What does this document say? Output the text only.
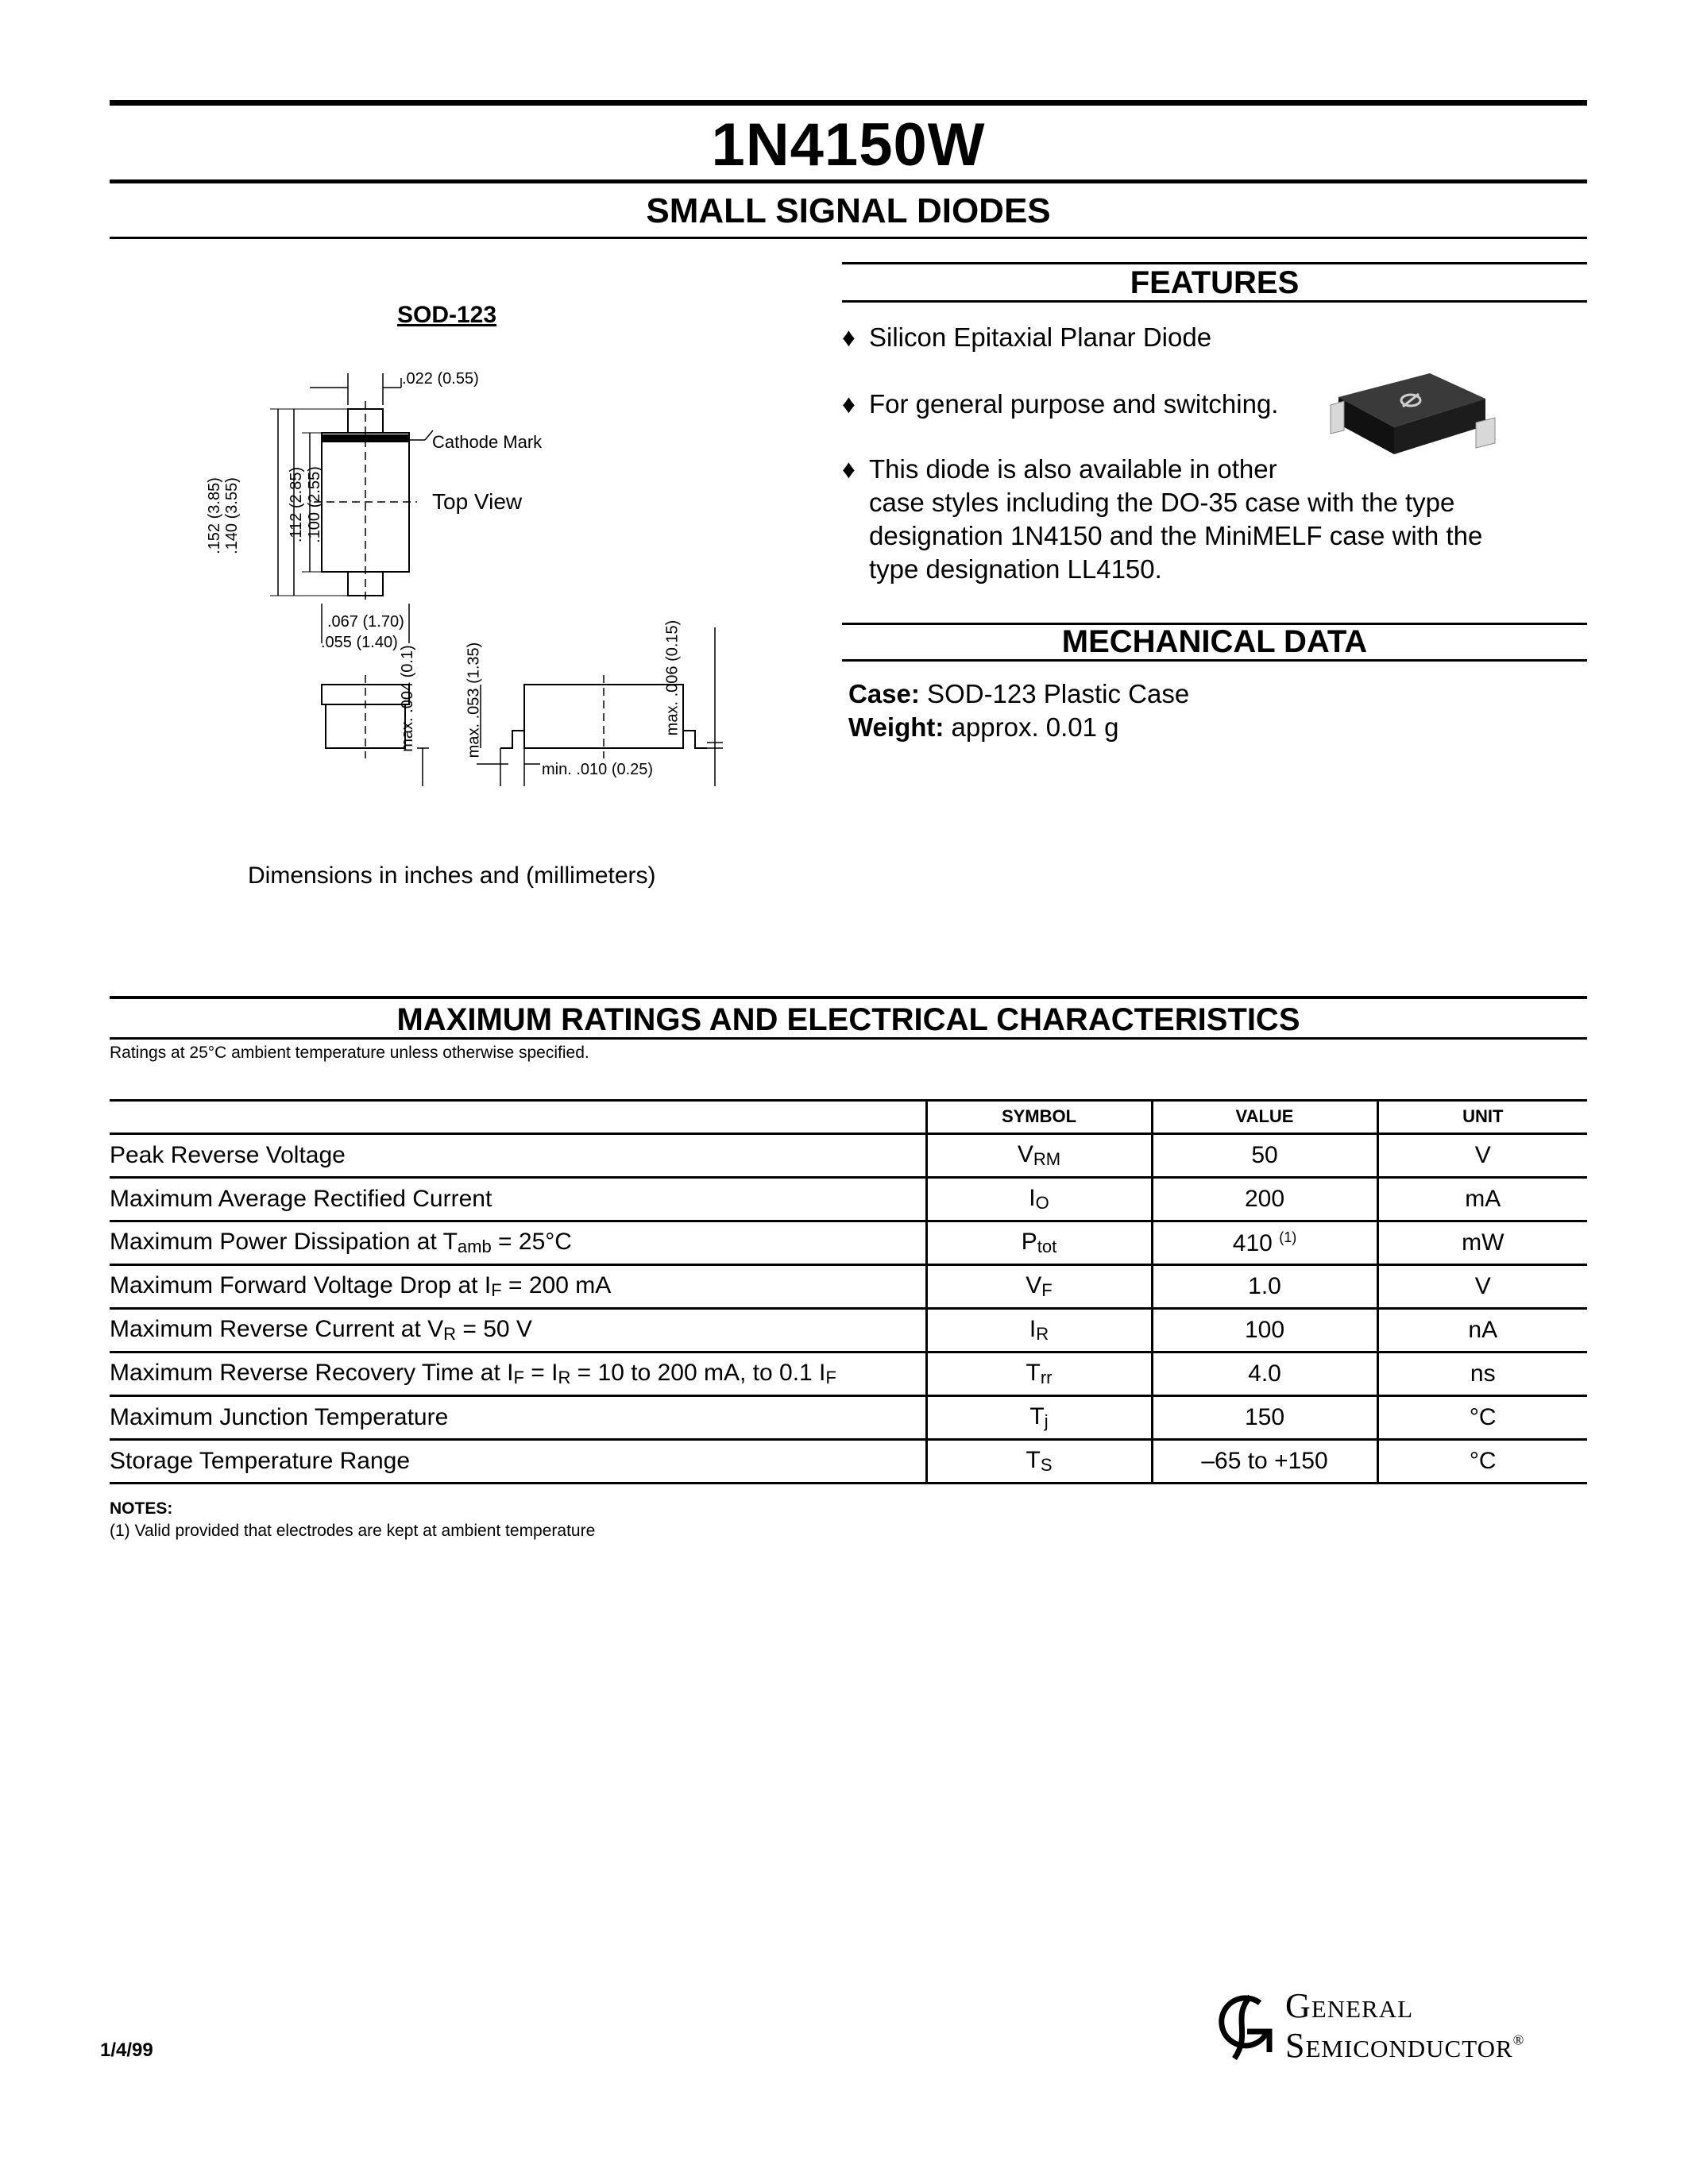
1N4150W
SMALL SIGNAL DIODES
SOD-123
.022 (0.55)
Cathode Mark
Top View
.152 (3.85) .140 (3.55)	.112 (2.85) .100 (2.55)
.067 (1.70)
.055 (1.40)
max. .004 (0.1)	max. .053 (1.35)	max. .006 (0.15)
min. .010 (0.25)
Dimensions in inches and (millimeters)
FEATURES
♦ Silicon Epitaxial Planar Diode
♦ For general purpose and switching.
♦ This diode is also available in other
case styles including the DO-35 case with the type
designation 1N4150 and the MiniMELF case with the
type designation LL4150.
MECHANICAL DATA
Case: SOD-123 Plastic Case
Weight: approx. 0.01 g
MAXIMUM RATINGS AND ELECTRICAL CHARACTERISTICS
Ratings at 25°C ambient temperature unless otherwise specified.
	SYMBOL	VALUE	UNIT
Peak Reverse Voltage	$V_{RM}$	50	V
Maximum Average Rectified Current	$I_O$	200	mA
Maximum Power Dissipation at $T_{amb} = 25^\circ C$	$P_{tot}$	410 $^{(1)}$	mW
Maximum Forward Voltage Drop at $I_F = 200$ mA	$V_F$	1.0	V
Maximum Reverse Current at $V_R = 50$ V	$I_R$	100	nA
Maximum Reverse Recovery Time at $I_F = I_R = 10$ to 200 mA, to 0.1 $I_F$	$T_{rr}$	4.0	ns
Maximum Junction Temperature	$T_j$	150	°C
Storage Temperature Range	$T_S$	–65 to +150	°C
NOTES:
(1) Valid provided that electrodes are kept at ambient temperature
1/4/99
General
Semiconductor®
